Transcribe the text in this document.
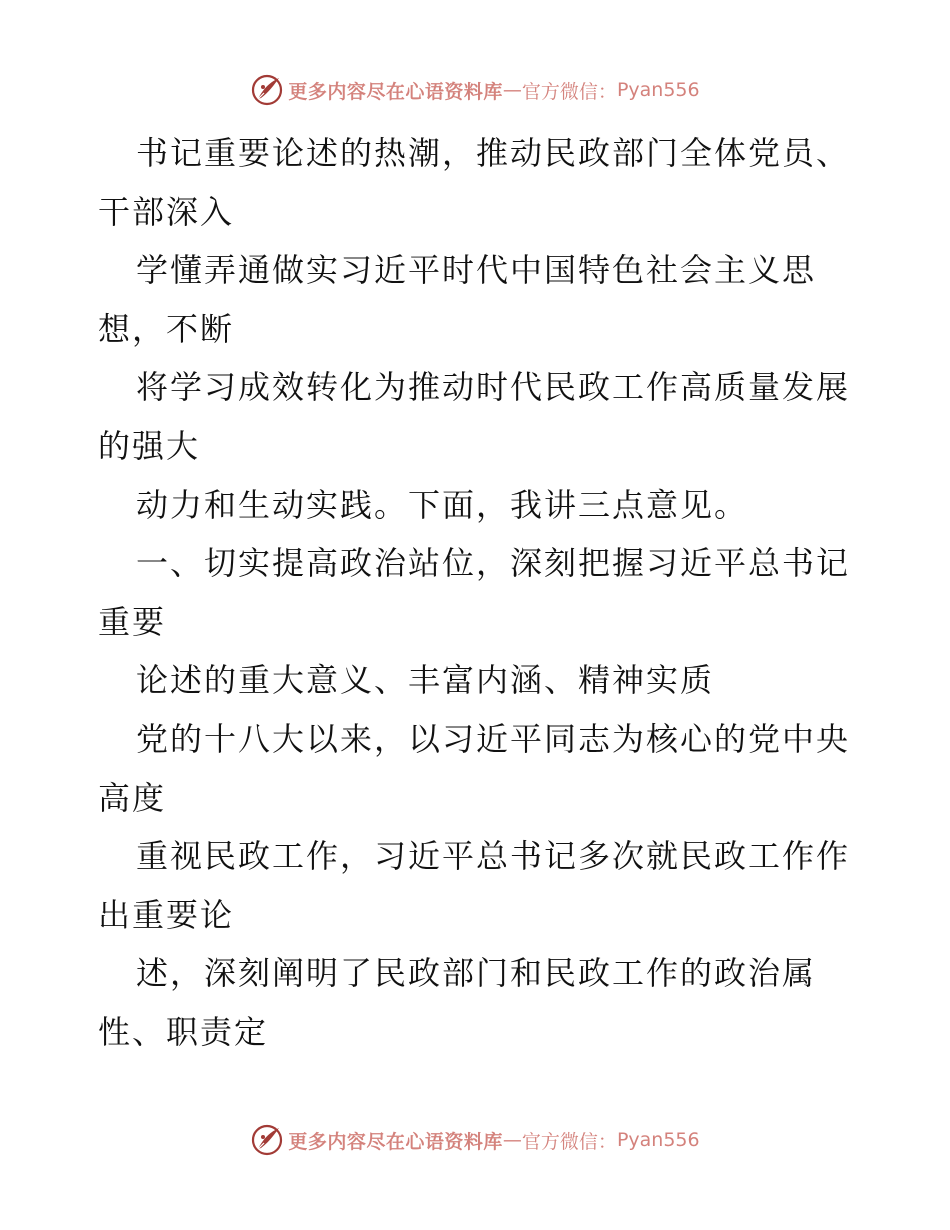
更多内容尽在心语资料库 — 官方微信： Pyan556
书记重要论述的热潮，推动民政部门全体党员、
干部深入
学懂弄通做实习近平时代中国特色社会主义思
想，不断
将学习成效转化为推动时代民政工作高质量发展
的强大
动力和生动实践。下面，我讲三点意见。
一、切实提高政治站位，深刻把握习近平总书记
重要
论述的重大意义、丰富内涵、精神实质
党的十八大以来，以习近平同志为核心的党中央
高度
重视民政工作，习近平总书记多次就民政工作作
出重要论
述，深刻阐明了民政部门和民政工作的政治属
性、职责定
更多内容尽在心语资料库 — 官方微信： Pyan556
